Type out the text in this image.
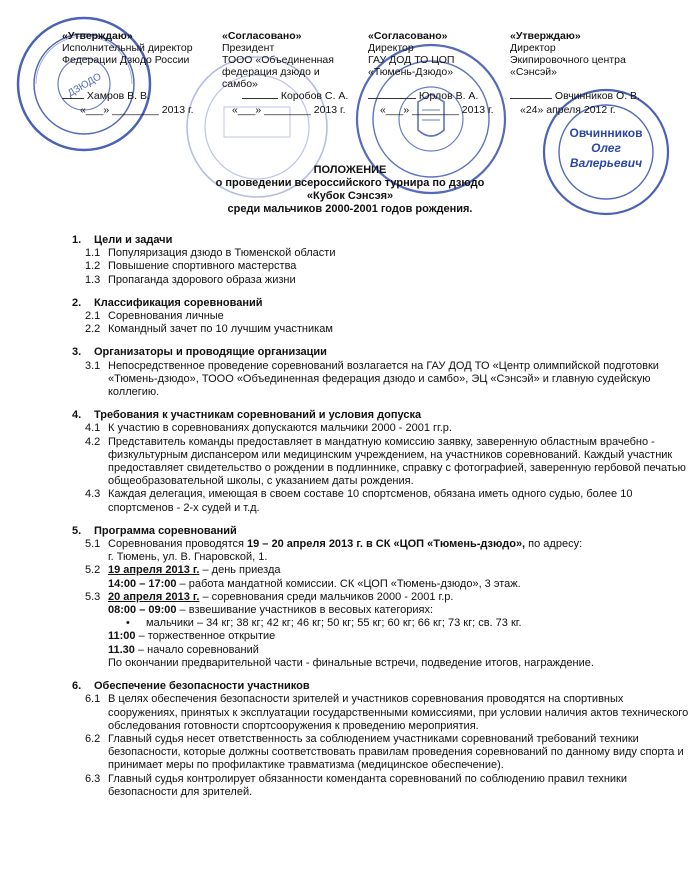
ДЗЮДО
Овчинников
Олег
Валерьевич
«Утверждаю»
Исполнительный директор
Федерации Дзюдо России
«Согласовано»
Президент
ТООО «Объединенная
федерация дзюдо и
самбо»
«Согласовано»
Директор
ГАУ ДОД ТО ЦОП
«Тюмень-Дзюдо»
«Утверждаю»
Директор
Экипировочного центра
«Сэнсэй»
Хамров В. В.
«___» ________ 2013 г.
Коробов С. А.
«___» ________ 2013 г.
Юрлов В. А.
«___» ________ 2013 г.
Овчинников О. В.
«24» апреля 2012 г.
ПОЛОЖЕНИЕ
о проведении всероссийского турнира по дзюдо
«Кубок Сэнсэя»
среди мальчиков 2000-2001 годов рождения.
1.	Цели и задачи
1.1 Популяризация дзюдо в Тюменской области
1.2 Повышение спортивного мастерства
1.3 Пропаганда здорового образа жизни
2.	Классификация соревнований
2.1 Соревнования личные
2.2 Командный зачет по 10 лучшим участникам
3.	Организаторы и проводящие организации
3.1 Непосредственное проведение соревнований возлагается на ГАУ ДОД ТО «Центр олимпийской подготовки «Тюмень-дзюдо», ТООО «Объединенная федерация дзюдо и самбо», ЭЦ «Сэнсэй» и главную судейскую коллегию.
4.	Требования к участникам соревнований и условия допуска
4.1 К участию в соревнованиях допускаются мальчики 2000 - 2001 гг.р.
4.2 Представитель команды предоставляет в мандатную комиссию заявку, заверенную областным врачебно - физкультурным диспансером или медицинским учреждением, на участников соревнований. Каждый участник предоставляет свидетельство о рождении в подлиннике, справку с фотографией, заверенную гербовой печатью общеобразовательной школы, с указанием даты рождения.
4.3 Каждая делегация, имеющая в своем составе 10 спортсменов, обязана иметь одного судью, более 10 спортсменов - 2-х судей и т.д.
5.	Программа соревнований
5.1 Соревнования проводятся 19 – 20 апреля 2013 г. в СК «ЦОП «Тюмень-дзюдо», по адресу:
г. Тюмень, ул. В. Гнаровской, 1.
5.2 19 апреля 2013 г. – день приезда
14:00 – 17:00 – работа мандатной комиссии. СК «ЦОП «Тюмень-дзюдо», 3 этаж.
5.3 20 апреля 2013 г. – соревнования среди мальчиков 2000 - 2001 г.р.
08:00 – 09:00 – взвешивание участников в весовых категориях:
•	мальчики – 34 кг; 38 кг; 42 кг; 46 кг; 50 кг; 55 кг; 60 кг; 66 кг; 73 кг; св. 73 кг.
11:00 – торжественное открытие
11.30 – начало соревнований
По окончании предварительной части - финальные встречи, подведение итогов, награждение.
6.	Обеспечение безопасности участников
6.1 В целях обеспечения безопасности зрителей и участников соревнования проводятся на спортивных сооружениях, принятых к эксплуатации государственными комиссиями, при условии наличия актов технического обследования готовности спортсооружения к проведению мероприятия.
6.2 Главный судья несет ответственность за соблюдением участниками соревнований требований техники безопасности, которые должны соответствовать правилам проведения соревнований по данному виду спорта и принимает меры по профилактике травматизма (медицинское обеспечение).
6.3 Главный судья контролирует обязанности коменданта соревнований по соблюдению правил техники безопасности для зрителей.
